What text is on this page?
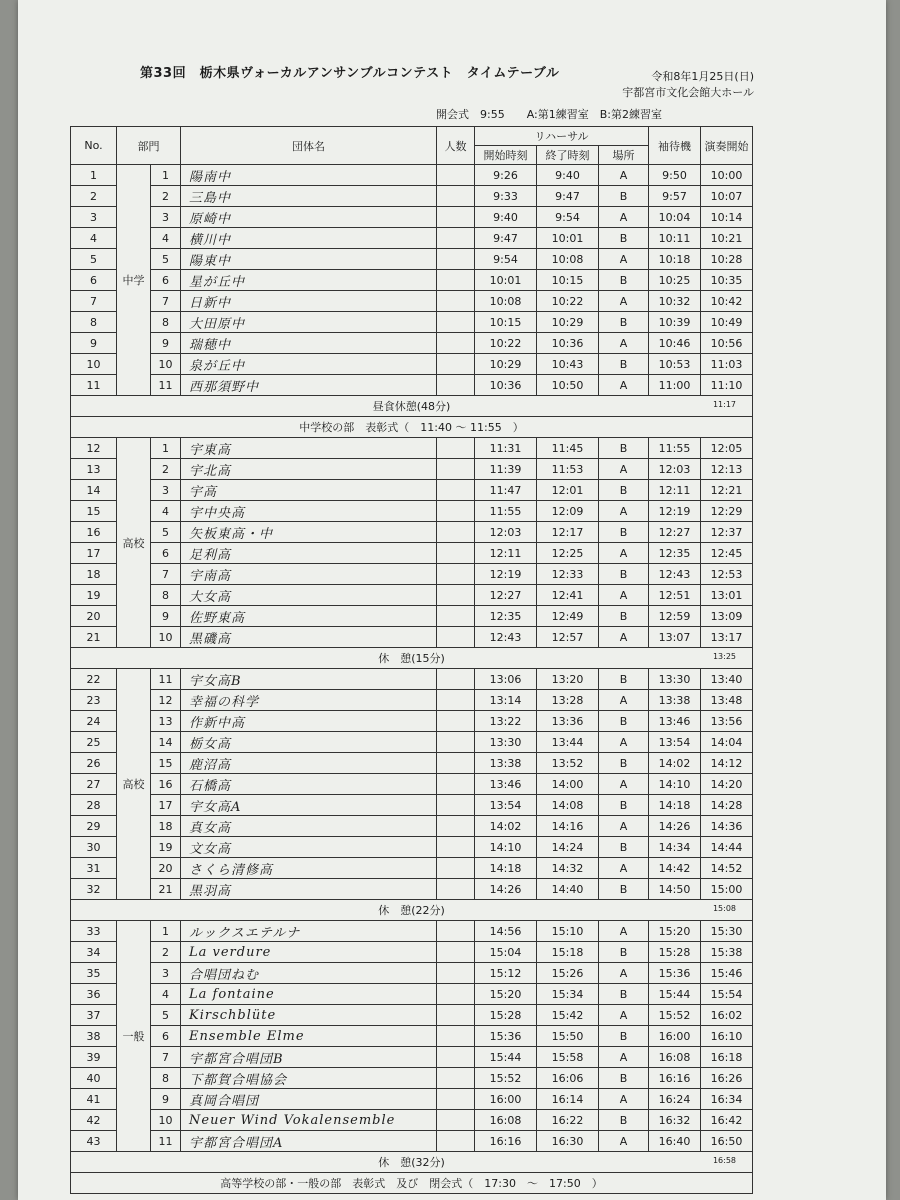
第33回　栃木県ヴォーカルアンサンブルコンテスト　タイムテーブル	令和8年1月25日(日)
宇都宮市文化会館大ホール
開会式　9:55　　A:第1練習室　B:第2練習室
No.	部門		団体名	人数	リハーサル			袖待機	演奏開始
					開始時刻	終了時刻	場所		
1	中学	1	陽南中		9:26	9:40	A	9:50	10:00
2		2	三島中		9:33	9:47	B	9:57	10:07
3		3	原崎中		9:40	9:54	A	10:04	10:14
4		4	横川中		9:47	10:01	B	10:11	10:21
5		5	陽東中		9:54	10:08	A	10:18	10:28
6		6	星が丘中		10:01	10:15	B	10:25	10:35
7		7	日新中		10:08	10:22	A	10:32	10:42
8		8	大田原中		10:15	10:29	B	10:39	10:49
9		9	瑞穂中		10:22	10:36	A	10:46	10:56
10		10	泉が丘中		10:29	10:43	B	10:53	11:03
11		11	西那須野中		10:36	10:50	A	11:00	11:10
昼食休憩(48分) 11:17									

中学校の部　表彰式（　11:40 ～ 11:55　）									
12	高校	1	宇東高		11:31	11:45	B	11:55	12:05
13		2	宇北高		11:39	11:53	A	12:03	12:13
14		3	宇高		11:47	12:01	B	12:11	12:21
15		4	宇中央高		11:55	12:09	A	12:19	12:29
16		5	矢板東高・中		12:03	12:17	B	12:27	12:37
17		6	足利高		12:11	12:25	A	12:35	12:45
18		7	宇南高		12:19	12:33	B	12:43	12:53
19		8	大女高		12:27	12:41	A	12:51	13:01
20		9	佐野東高		12:35	12:49	B	12:59	13:09
21		10	黒磯高		12:43	12:57	A	13:07	13:17
休　憩(15分) 13:25									

22	高校	11	宇女高B		13:06	13:20	B	13:30	13:40
23		12	幸福の科学		13:14	13:28	A	13:38	13:48
24		13	作新中高		13:22	13:36	B	13:46	13:56
25		14	栃女高		13:30	13:44	A	13:54	14:04
26		15	鹿沼高		13:38	13:52	B	14:02	14:12
27		16	石橋高		13:46	14:00	A	14:10	14:20
28		17	宇女高A		13:54	14:08	B	14:18	14:28
29		18	真女高		14:02	14:16	A	14:26	14:36
30		19	文女高		14:10	14:24	B	14:34	14:44
31		20	さくら清修高		14:18	14:32	A	14:42	14:52
32		21	黒羽高		14:26	14:40	B	14:50	15:00
休　憩(22分) 15:08									

33	一般	1	ルックスエテルナ		14:56	15:10	A	15:20	15:30
34		2	La verdure		15:04	15:18	B	15:28	15:38
35		3	合唱団ねむ		15:12	15:26	A	15:36	15:46
36		4	La fontaine		15:20	15:34	B	15:44	15:54
37		5	Kirschblüte		15:28	15:42	A	15:52	16:02
38		6	Ensemble Elme		15:36	15:50	B	16:00	16:10
39		7	宇都宮合唱団B		15:44	15:58	A	16:08	16:18
40		8	下都賀合唱協会		15:52	16:06	B	16:16	16:26
41		9	真岡合唱団		16:00	16:14	A	16:24	16:34
42		10	Neuer Wind Vokalensemble		16:08	16:22	B	16:32	16:42
43		11	宇都宮合唱団A		16:16	16:30	A	16:40	16:50
休　憩(32分) 16:58									

高等学校の部・一般の部　表彰式　及び　閉会式（　17:30　～　17:50　）									
